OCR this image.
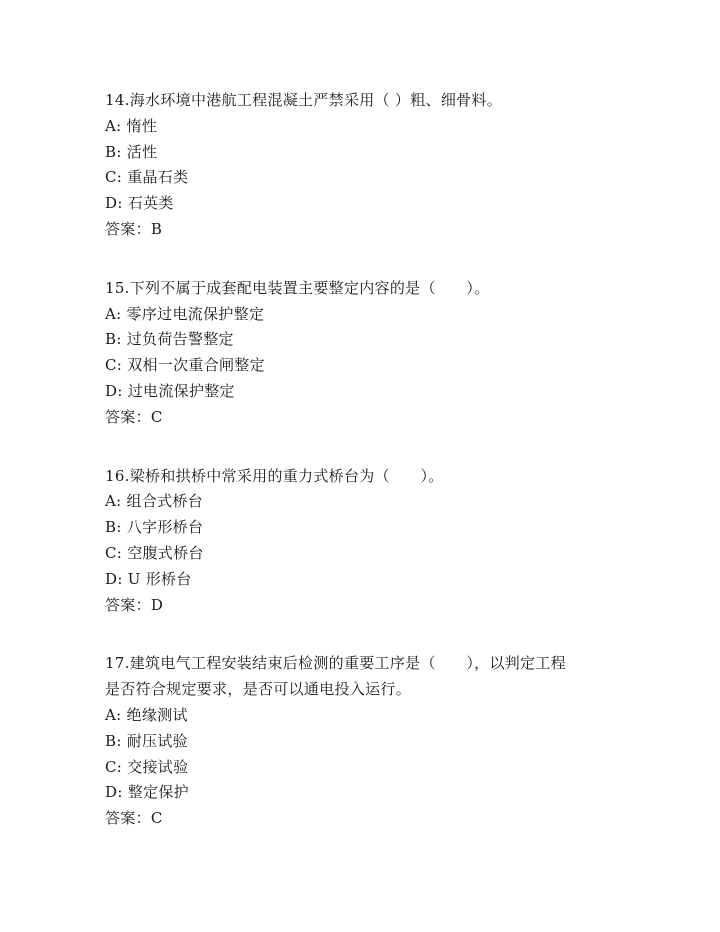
14.海水环境中港航工程混凝土严禁采用（ ）粗、细骨料。
A: 惰性
B: 活性
C: 重晶石类
D: 石英类
答案：B
15.下列不属于成套配电装置主要整定内容的是（　　）。
A: 零序过电流保护整定
B: 过负荷告警整定
C: 双相一次重合闸整定
D: 过电流保护整定
答案：C
16.梁桥和拱桥中常采用的重力式桥台为（　　）。
A: 组合式桥台
B: 八字形桥台
C: 空腹式桥台
D: U 形桥台
答案：D
17.建筑电气工程安装结束后检测的重要工序是（　　），以判定工程
是否符合规定要求，是否可以通电投入运行。
A: 绝缘测试
B: 耐压试验
C: 交接试验
D: 整定保护
答案：C
